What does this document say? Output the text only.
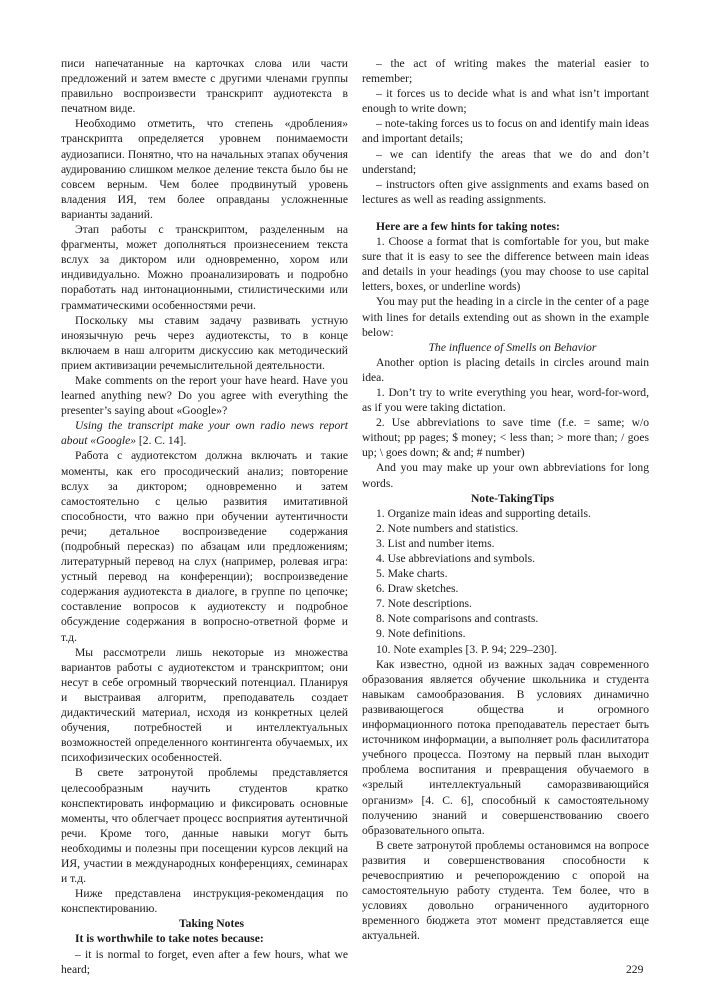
писи напечатанные на карточках слова или части предложений и затем вместе с другими членами группы правильно воспроизвести транскрипт аудиотекста в печатном виде.

Необходимо отметить, что степень «дробления» транскрипта определяется уровнем понимаемости аудиозаписи. Понятно, что на начальных этапах обучения аудированию слишком мелкое деление текста было бы не совсем верным. Чем более продвинутый уровень владения ИЯ, тем более оправданы усложненные варианты заданий.

Этап работы с транскриптом, разделенным на фрагменты, может дополняться произнесением текста вслух за диктором или одновременно, хором или индивидуально. Можно проанализировать и подробно поработать над интонационными, стилистическими или грамматическими особенностями речи.

Поскольку мы ставим задачу развивать устную иноязычную речь через аудиотексты, то в конце включаем в наш алгоритм дискуссию как методический прием активизации речемыслительной деятельности.

Make comments on the report your have heard. Have you learned anything new? Do you agree with everything the presenter’s saying about «Google»?

Using the transcript make your own radio news report about «Google» [2. C. 14].

Работа с аудиотекстом должна включать и такие моменты, как его просодический анализ; повторение вслух за диктором; одновременно и затем самостоятельно с целью развития имитативной способности, что важно при обучении аутентичности речи; детальное воспроизведение содержания (подробный пересказ) по абзацам или предложениям; литературный перевод на слух (например, ролевая игра: устный перевод на конференции); воспроизведение содержания аудиотекста в диалоге, в группе по цепочке; составление вопросов к аудиотексту и подробное обсуждение содержания в вопросно-ответной форме и т.д.

Мы рассмотрели лишь некоторые из множества вариантов работы с аудиотекстом и транскриптом; они несут в себе огромный творческий потенциал. Планируя и выстраивая алгоритм, преподаватель создает дидактический материал, исходя из конкретных целей обучения, потребностей и интеллектуальных возможностей определенного контингента обучаемых, их психофизических особенностей.

В свете затронутой проблемы представляется целесообразным научить студентов кратко конспектировать информацию и фиксировать основные моменты, что облегчает процесс восприятия аутентичной речи. Кроме того, данные навыки могут быть необходимы и полезны при посещении курсов лекций на ИЯ, участии в международных конференциях, семинарах и т.д.

Ниже представлена инструкция-рекомендация по конспектированию.

Taking Notes

It is worthwhile to take notes because:

– it is normal to forget, even after a few hours, what we heard;

– the act of writing makes the material easier to remember;

– it forces us to decide what is and what isn’t important enough to write down;

– note-taking forces us to focus on and identify main ideas and important details;

– we can identify the areas that we do and don’t understand;

– instructors often give assignments and exams based on lectures as well as reading assignments.

Here are a few hints for taking notes:

1. Choose a format that is comfortable for you, but make sure that it is easy to see the difference between main ideas and details in your headings (you may choose to use capital letters, boxes, or underline words)

You may put the heading in a circle in the center of a page with lines for details extending out as shown in the example below:

The influence of Smells on Behavior

Another option is placing details in circles around main idea.

1. Don’t try to write everything you hear, word-for-word, as if you were taking dictation.

2. Use abbreviations to save time (f.e. = same; w/o without; pp pages; $ money; < less than; > more than; / goes up; \ goes down; & and; # number)

And you may make up your own abbreviations for long words.

Note-TakingTips

1. Organize main ideas and supporting details.
2. Note numbers and statistics.
3. List and number items.
4. Use abbreviations and symbols.
5. Make charts.
6. Draw sketches.
7. Note descriptions.
8. Note comparisons and contrasts.
9. Note definitions.
10. Note examples [3. P. 94; 229–230].

Как известно, одной из важных задач современного образования является обучение школьника и студента навыкам самообразования. В условиях динамично развивающегося общества и огромного информационного потока преподаватель перестает быть источником информации, а выполняет роль фасилитатора учебного процесса. Поэтому на первый план выходит проблема воспитания и превращения обучаемого в «зрелый интеллектуальный саморазвивающийся организм» [4. С. 6], способный к самостоятельному получению знаний и совершенствованию своего образовательного опыта.

В свете затронутой проблемы остановимся на вопросе развития и совершенствования способности к речевосприятию и речепорождению с опорой на самостоятельную работу студента. Тем более, что в условиях довольно ограниченного аудиторного временного бюджета этот момент представляется еще актуальней.

229
